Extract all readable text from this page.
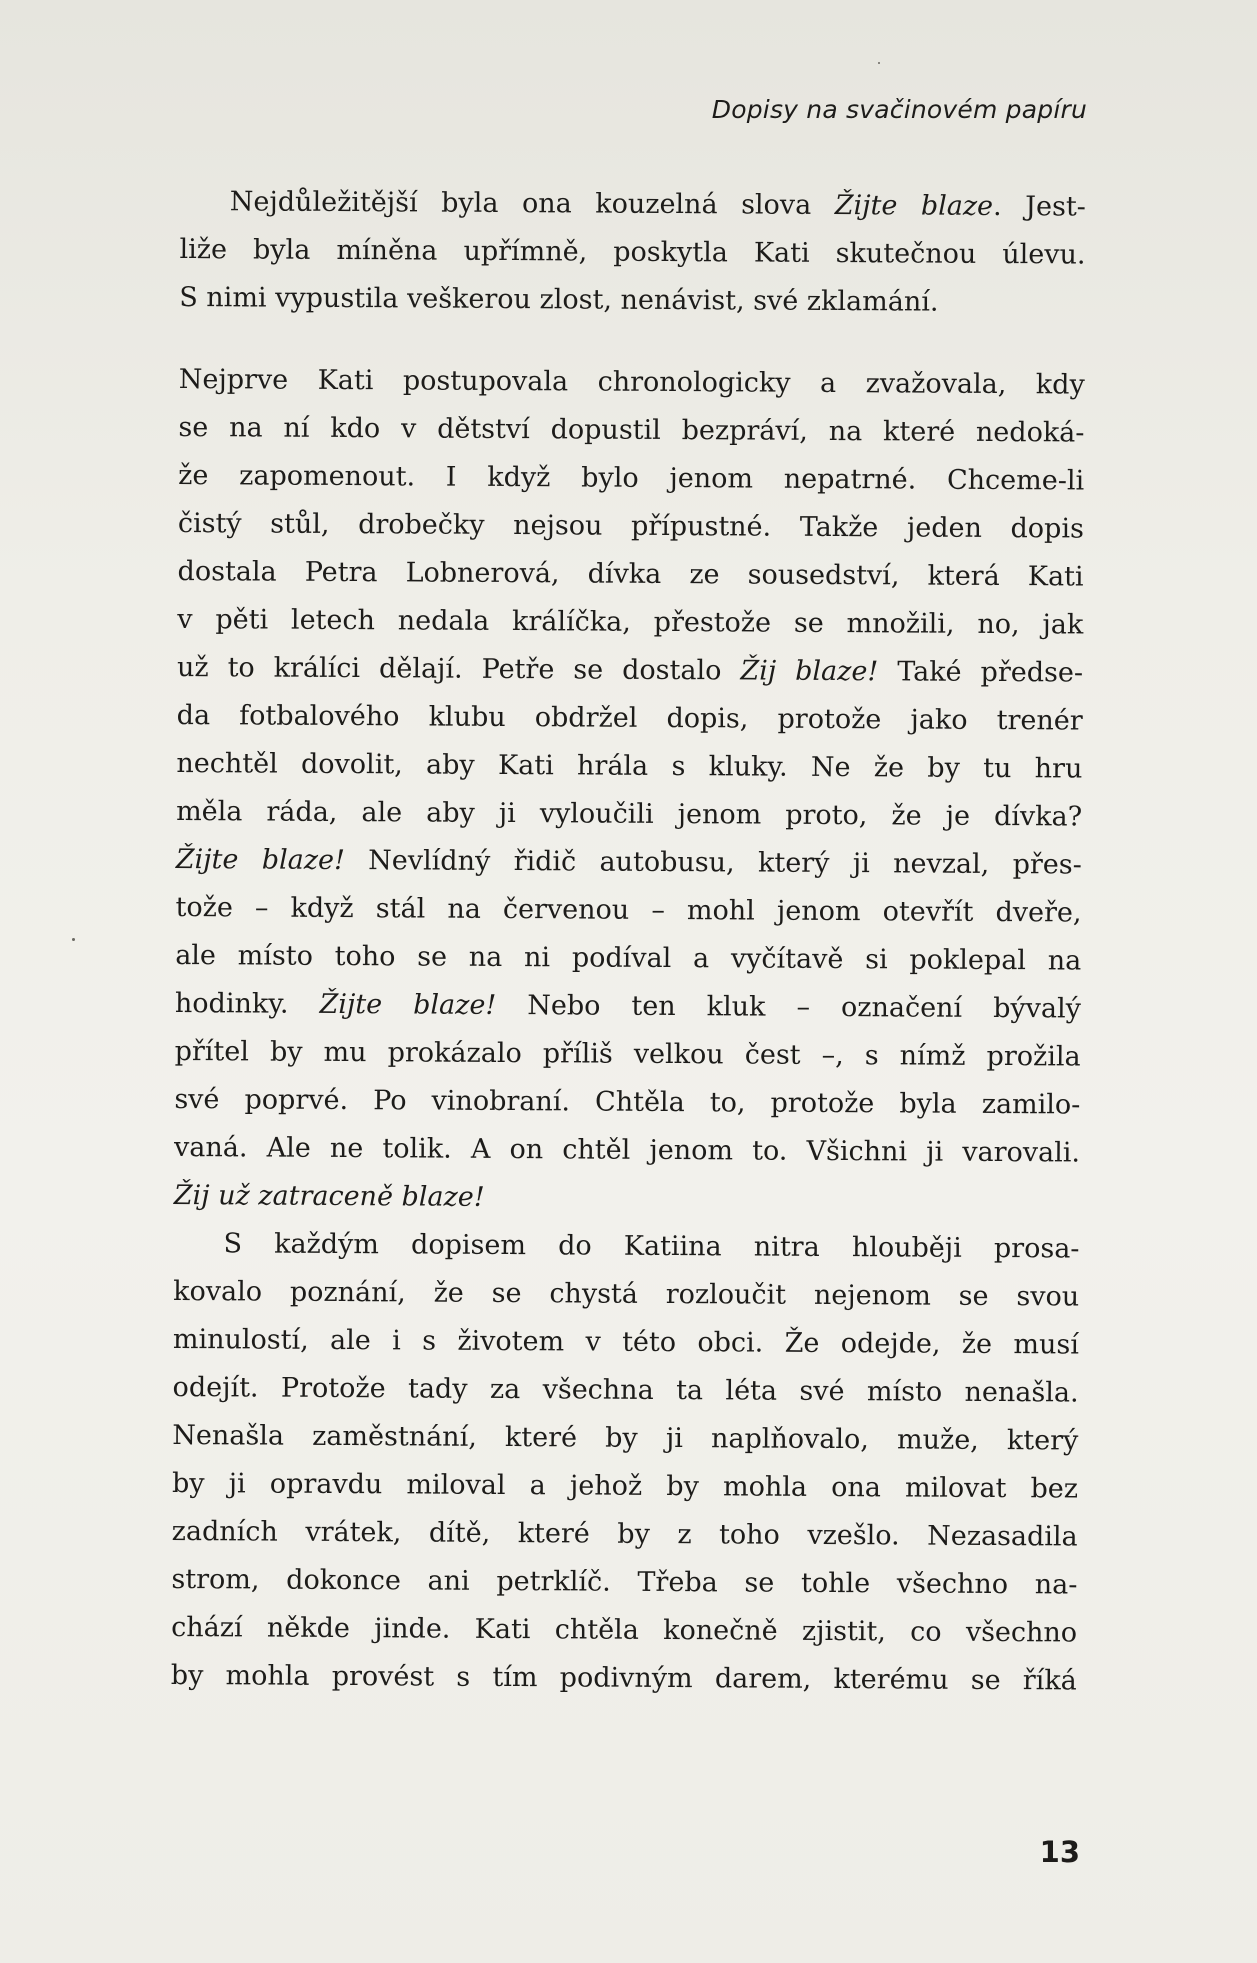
Dopisy na svačinovém papíru
Nejdůležitější byla ona kouzelná slova Žijte blaze. Jest-
liže byla míněna upřímně, poskytla Kati skutečnou úlevu.
S nimi vypustila veškerou zlost, nenávist, své zklamání.
Nejprve Kati postupovala chronologicky a zvažovala, kdy
se na ní kdo v dětství dopustil bezpráví, na které nedoká-
že zapomenout. I když bylo jenom nepatrné. Chceme-li
čistý stůl, drobečky nejsou přípustné. Takže jeden dopis
dostala Petra Lobnerová, dívka ze sousedství, která Kati
v pěti letech nedala králíčka, přestože se množili, no, jak
už to králíci dělají. Petře se dostalo Žij blaze! Také předse-
da fotbalového klubu obdržel dopis, protože jako trenér
nechtěl dovolit, aby Kati hrála s kluky. Ne že by tu hru
měla ráda, ale aby ji vyloučili jenom proto, že je dívka?
Žijte blaze! Nevlídný řidič autobusu, který ji nevzal, přes-
tože – když stál na červenou – mohl jenom otevřít dveře,
ale místo toho se na ni podíval a vyčítavě si poklepal na
hodinky. Žijte blaze! Nebo ten kluk – označení bývalý
přítel by mu prokázalo příliš velkou čest –, s nímž prožila
své poprvé. Po vinobraní. Chtěla to, protože byla zamilo-
vaná. Ale ne tolik. A on chtěl jenom to. Všichni ji varovali.
Žij už zatraceně blaze!
S každým dopisem do Katiina nitra hlouběji prosa-
kovalo poznání, že se chystá rozloučit nejenom se svou
minulostí, ale i s životem v této obci. Že odejde, že musí
odejít. Protože tady za všechna ta léta své místo nenašla.
Nenašla zaměstnání, které by ji naplňovalo, muže, který
by ji opravdu miloval a jehož by mohla ona milovat bez
zadních vrátek, dítě, které by z toho vzešlo. Nezasadila
strom, dokonce ani petrklíč. Třeba se tohle všechno na-
chází někde jinde. Kati chtěla konečně zjistit, co všechno
by mohla provést s tím podivným darem, kterému se říká
13
